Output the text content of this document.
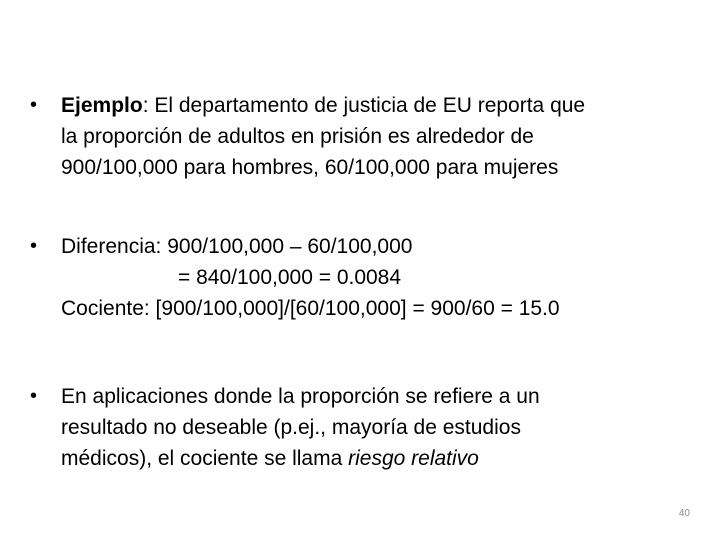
• Ejemplo: El departamento de justicia de EU reporta que
la proporción de adultos en prisión es alrededor de
900/100,000 para hombres, 60/100,000 para mujeres
• Diferencia: 900/100,000 – 60/100,000
= 840/100,000 = 0.0084
Cociente: [900/100,000]/[60/100,000] = 900/60 = 15.0
• En aplicaciones donde la proporción se refiere a un
resultado no deseable (p.ej., mayoría de estudios
médicos), el cociente se llama riesgo relativo
40
